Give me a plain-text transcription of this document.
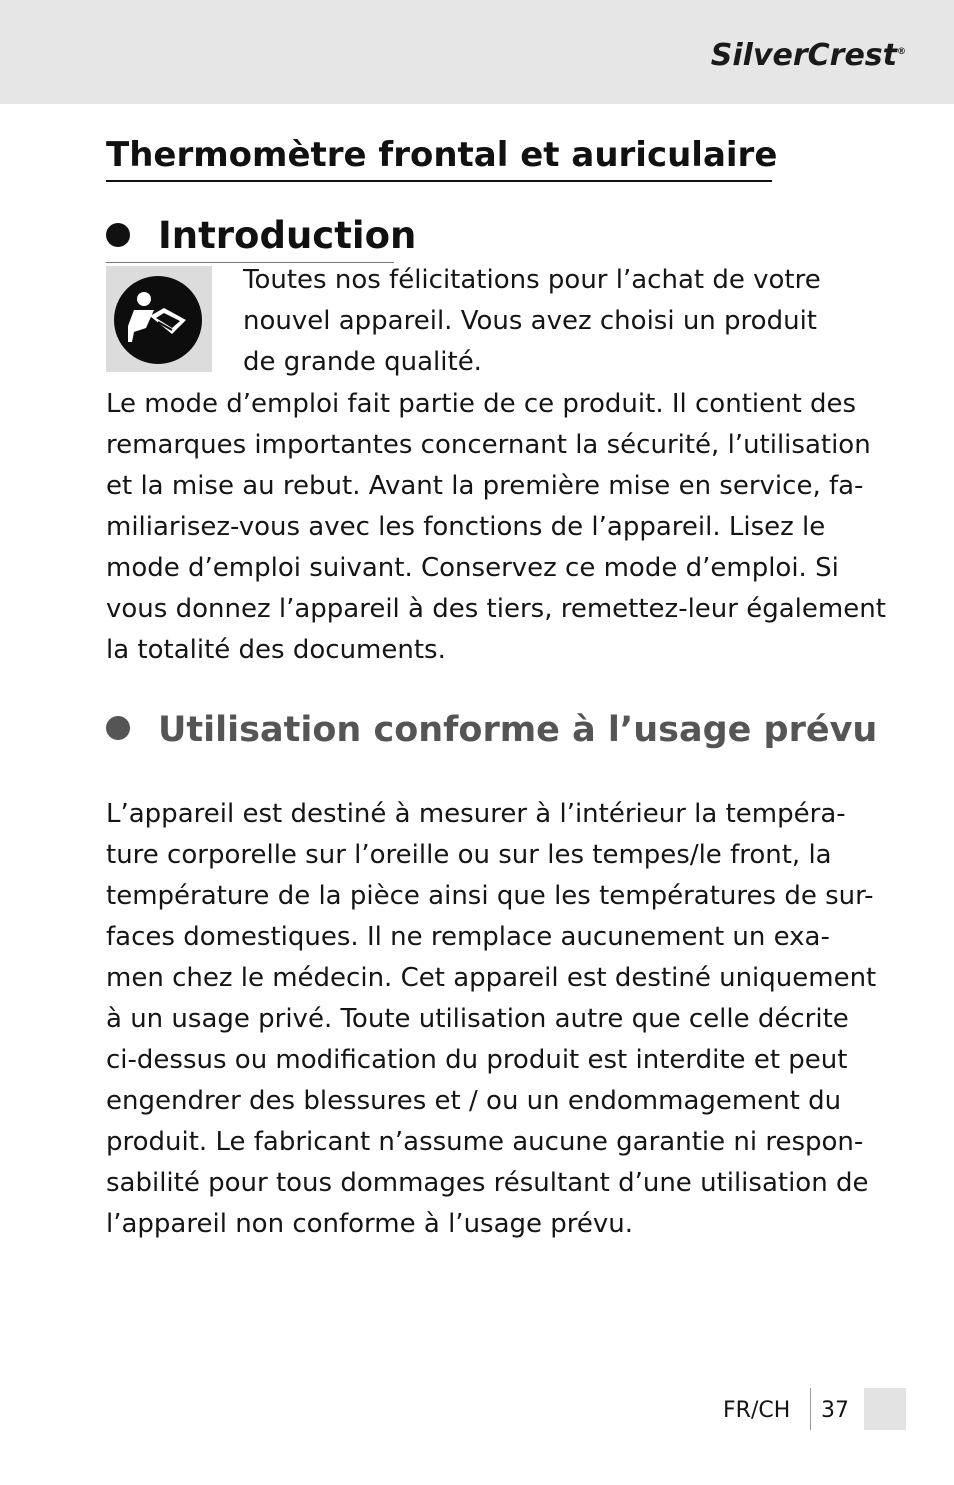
SilverCrest®
Thermomètre frontal et auriculaire
Introduction
Toutes nos félicitations pour l’achat de votre
nouvel appareil. Vous avez choisi un produit
de grande qualité.
Le mode d’emploi fait partie de ce produit. Il contient des
remarques importantes concernant la sécurité, l’utilisation
et la mise au rebut. Avant la première mise en service, fa-
miliarisez-vous avec les fonctions de l’appareil. Lisez le
mode d’emploi suivant. Conservez ce mode d’emploi. Si
vous donnez l’appareil à des tiers, remettez-leur également
la totalité des documents.
Utilisation conforme à l’usage prévu
L’appareil est destiné à mesurer à l’intérieur la tempéra-
ture corporelle sur l’oreille ou sur les tempes/le front, la
température de la pièce ainsi que les températures de sur-
faces domestiques. Il ne remplace aucunement un exa-
men chez le médecin. Cet appareil est destiné uniquement
à un usage privé. Toute utilisation autre que celle décrite
ci-dessus ou modification du produit est interdite et peut
engendrer des blessures et / ou un endommagement du
produit. Le fabricant n’assume aucune garantie ni respon-
sabilité pour tous dommages résultant d’une utilisation de
l’appareil non conforme à l’usage prévu.
FR/CH 37
